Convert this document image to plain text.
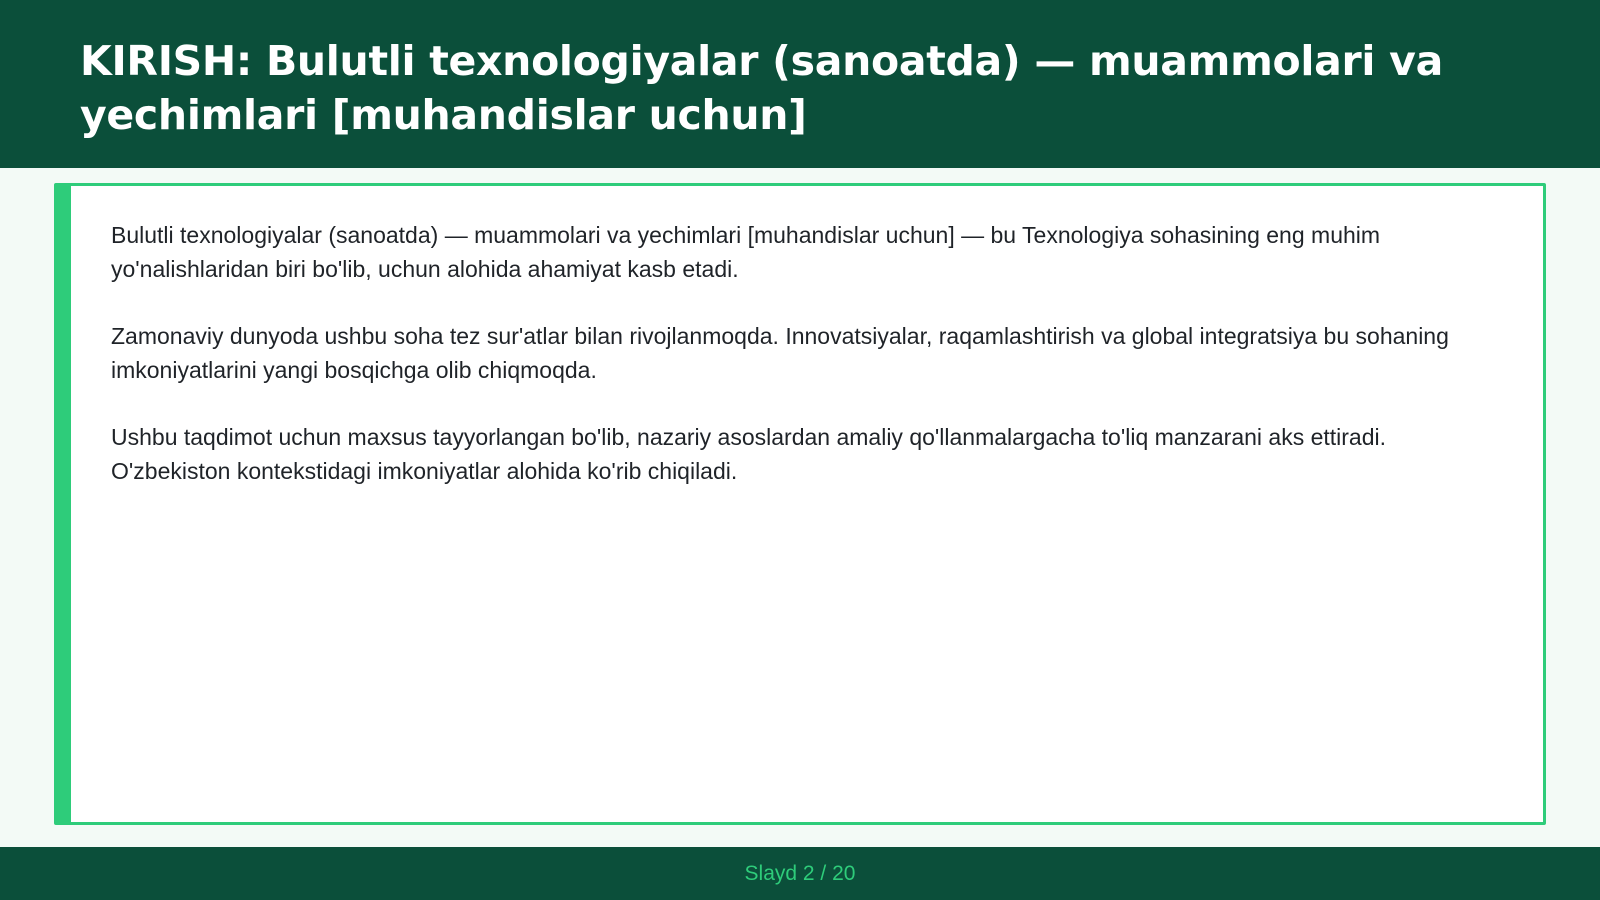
KIRISH: Bulutli texnologiyalar (sanoatda) — muammolari va yechimlari [muhandislar uchun]

Bulutli texnologiyalar (sanoatda) — muammolari va yechimlari [muhandislar uchun] — bu Texnologiya sohasining eng muhim yo'nalishlaridan biri bo'lib, uchun alohida ahamiyat kasb etadi.

Zamonaviy dunyoda ushbu soha tez sur'atlar bilan rivojlanmoqda. Innovatsiyalar, raqamlashtirish va global integratsiya bu sohaning imkoniyatlarini yangi bosqichga olib chiqmoqda.

Ushbu taqdimot uchun maxsus tayyorlangan bo'lib, nazariy asoslardan amaliy qo'llanmalargacha to'liq manzarani aks ettiradi. O'zbekiston kontekstidagi imkoniyatlar alohida ko'rib chiqiladi.

Slayd 2 / 20
